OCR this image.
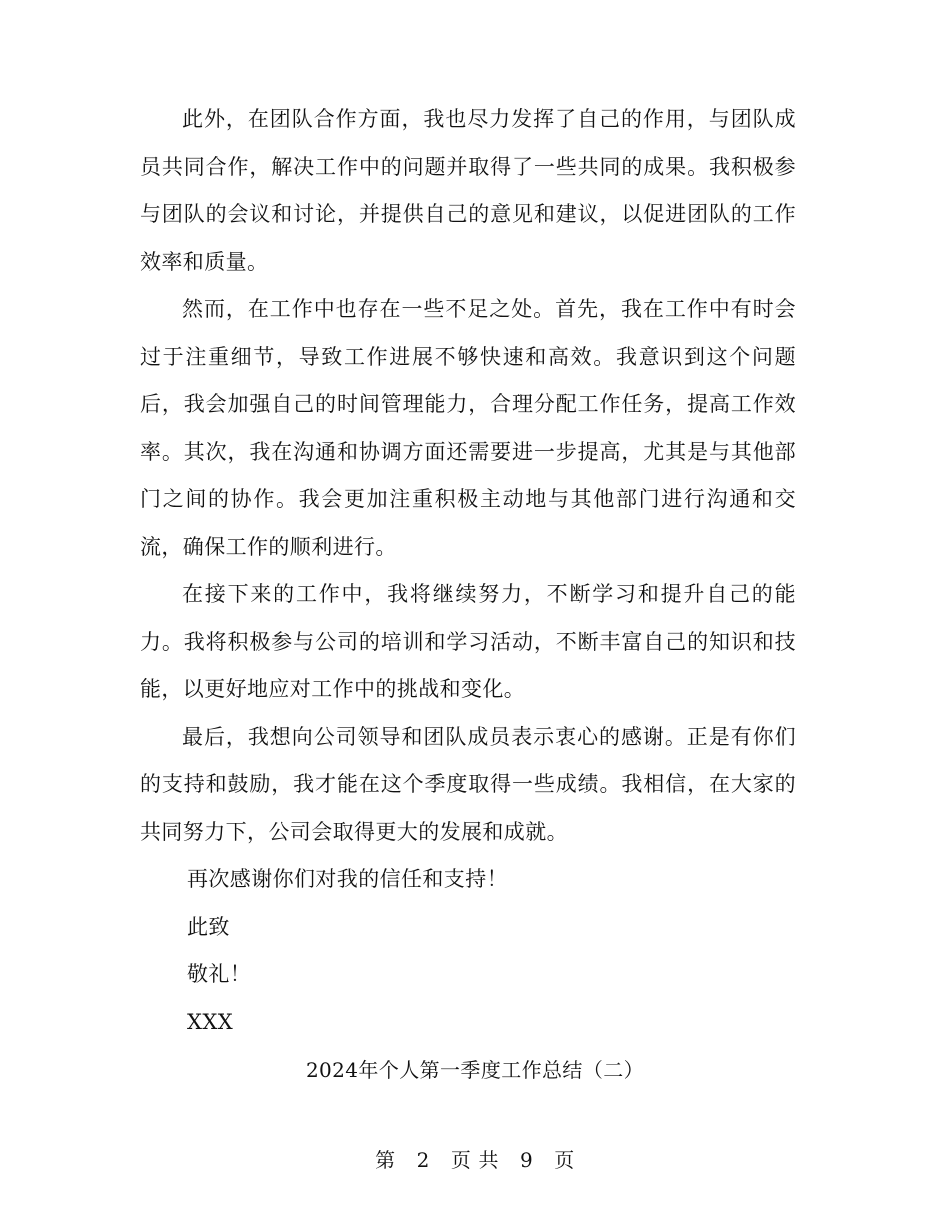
此外，在团队合作方面，我也尽力发挥了自己的作用，与团队成员共同合作，解决工作中的问题并取得了一些共同的成果。我积极参与团队的会议和讨论，并提供自己的意见和建议，以促进团队的工作效率和质量。

然而，在工作中也存在一些不足之处。首先，我在工作中有时会过于注重细节，导致工作进展不够快速和高效。我意识到这个问题后，我会加强自己的时间管理能力，合理分配工作任务，提高工作效率。其次，我在沟通和协调方面还需要进一步提高，尤其是与其他部门之间的协作。我会更加注重积极主动地与其他部门进行沟通和交流，确保工作的顺利进行。

在接下来的工作中，我将继续努力，不断学习和提升自己的能力。我将积极参与公司的培训和学习活动，不断丰富自己的知识和技能，以更好地应对工作中的挑战和变化。

最后，我想向公司领导和团队成员表示衷心的感谢。正是有你们的支持和鼓励，我才能在这个季度取得一些成绩。我相信，在大家的共同努力下，公司会取得更大的发展和成就。

再次感谢你们对我的信任和支持！

此致

敬礼！

XXX

2024年个人第一季度工作总结（二）
第 2 页 共 9 页
